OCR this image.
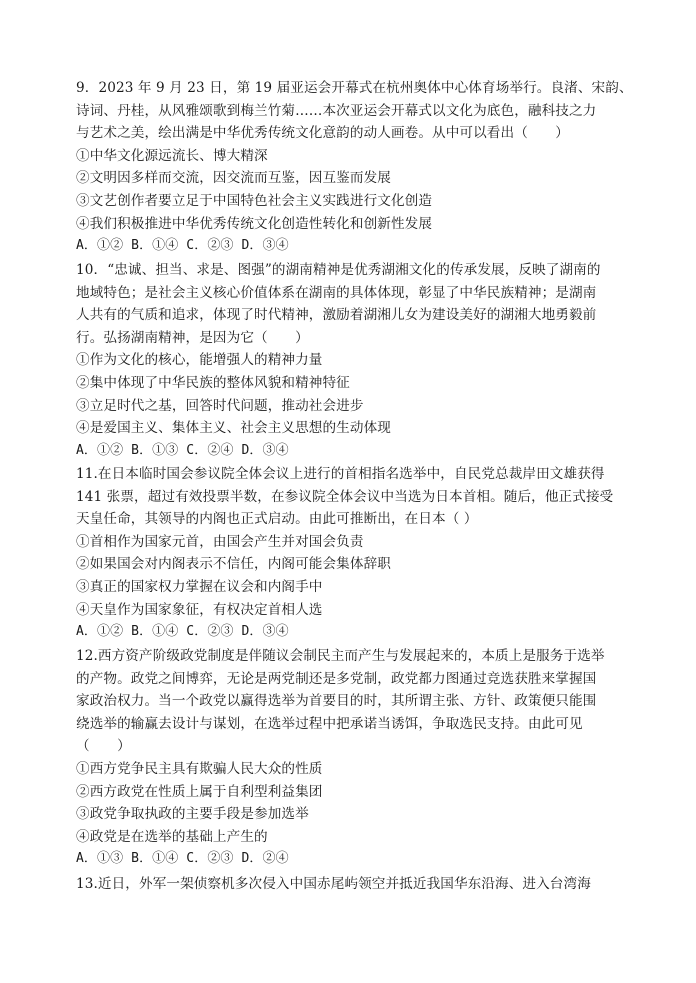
9．2023 年 9 月 23 日，第 19 届亚运会开幕式在杭州奥体中心体育场举行。良渚、宋韵、
诗词、丹桂，从风雅颂歌到梅兰竹菊……本次亚运会开幕式以文化为底色，融科技之力
与艺术之美，绘出满是中华优秀传统文化意韵的动人画卷。从中可以看出（　　）
①中华文化源远流长、博大精深
②文明因多样而交流，因交流而互鉴，因互鉴而发展
③文艺创作者要立足于中国特色社会主义实践进行文化创造
④我们积极推进中华优秀传统文化创造性转化和创新性发展
A．①② B．①④ C．②③ D．③④
10．“忠诚、担当、求是、图强”的湖南精神是优秀湖湘文化的传承发展，反映了湖南的
地域特色；是社会主义核心价值体系在湖南的具体体现，彰显了中华民族精神；是湖南
人共有的气质和追求，体现了时代精神，激励着湖湘儿女为建设美好的湖湘大地勇毅前
行。弘扬湖南精神，是因为它（　　）
①作为文化的核心，能增强人的精神力量
②集中体现了中华民族的整体风貌和精神特征
③立足时代之基，回答时代问题，推动社会进步
④是爱国主义、集体主义、社会主义思想的生动体现
A．①② B．①③ C．②④ D．③④
11.在日本临时国会参议院全体会议上进行的首相指名选举中，自民党总裁岸田文雄获得
141 张票，超过有效投票半数，在参议院全体会议中当选为日本首相。随后，他正式接受
天皇任命，其领导的内阁也正式启动。由此可推断出，在日本（ ）
①首相作为国家元首，由国会产生并对国会负责
②如果国会对内阁表示不信任，内阁可能会集体辞职
③真正的国家权力掌握在议会和内阁手中
④天皇作为国家象征，有权决定首相人选
A．①② B．①④ C．②③ D．③④
12.西方资产阶级政党制度是伴随议会制民主而产生与发展起来的，本质上是服务于选举
的产物。政党之间博弈，无论是两党制还是多党制，政党都力图通过竞选获胜来掌握国
家政治权力。当一个政党以赢得选举为首要目的时，其所谓主张、方针、政策便只能围
绕选举的输赢去设计与谋划，在选举过程中把承诺当诱饵，争取选民支持。由此可见
（　　）
①西方党争民主具有欺骗人民大众的性质
②西方政党在性质上属于自利型利益集团
③政党争取执政的主要手段是参加选举
④政党是在选举的基础上产生的
A．①③ B．①④ C．②③ D．②④
13.近日，外军一架侦察机多次侵入中国赤尾屿领空并抵近我国华东沿海、进入台湾海
